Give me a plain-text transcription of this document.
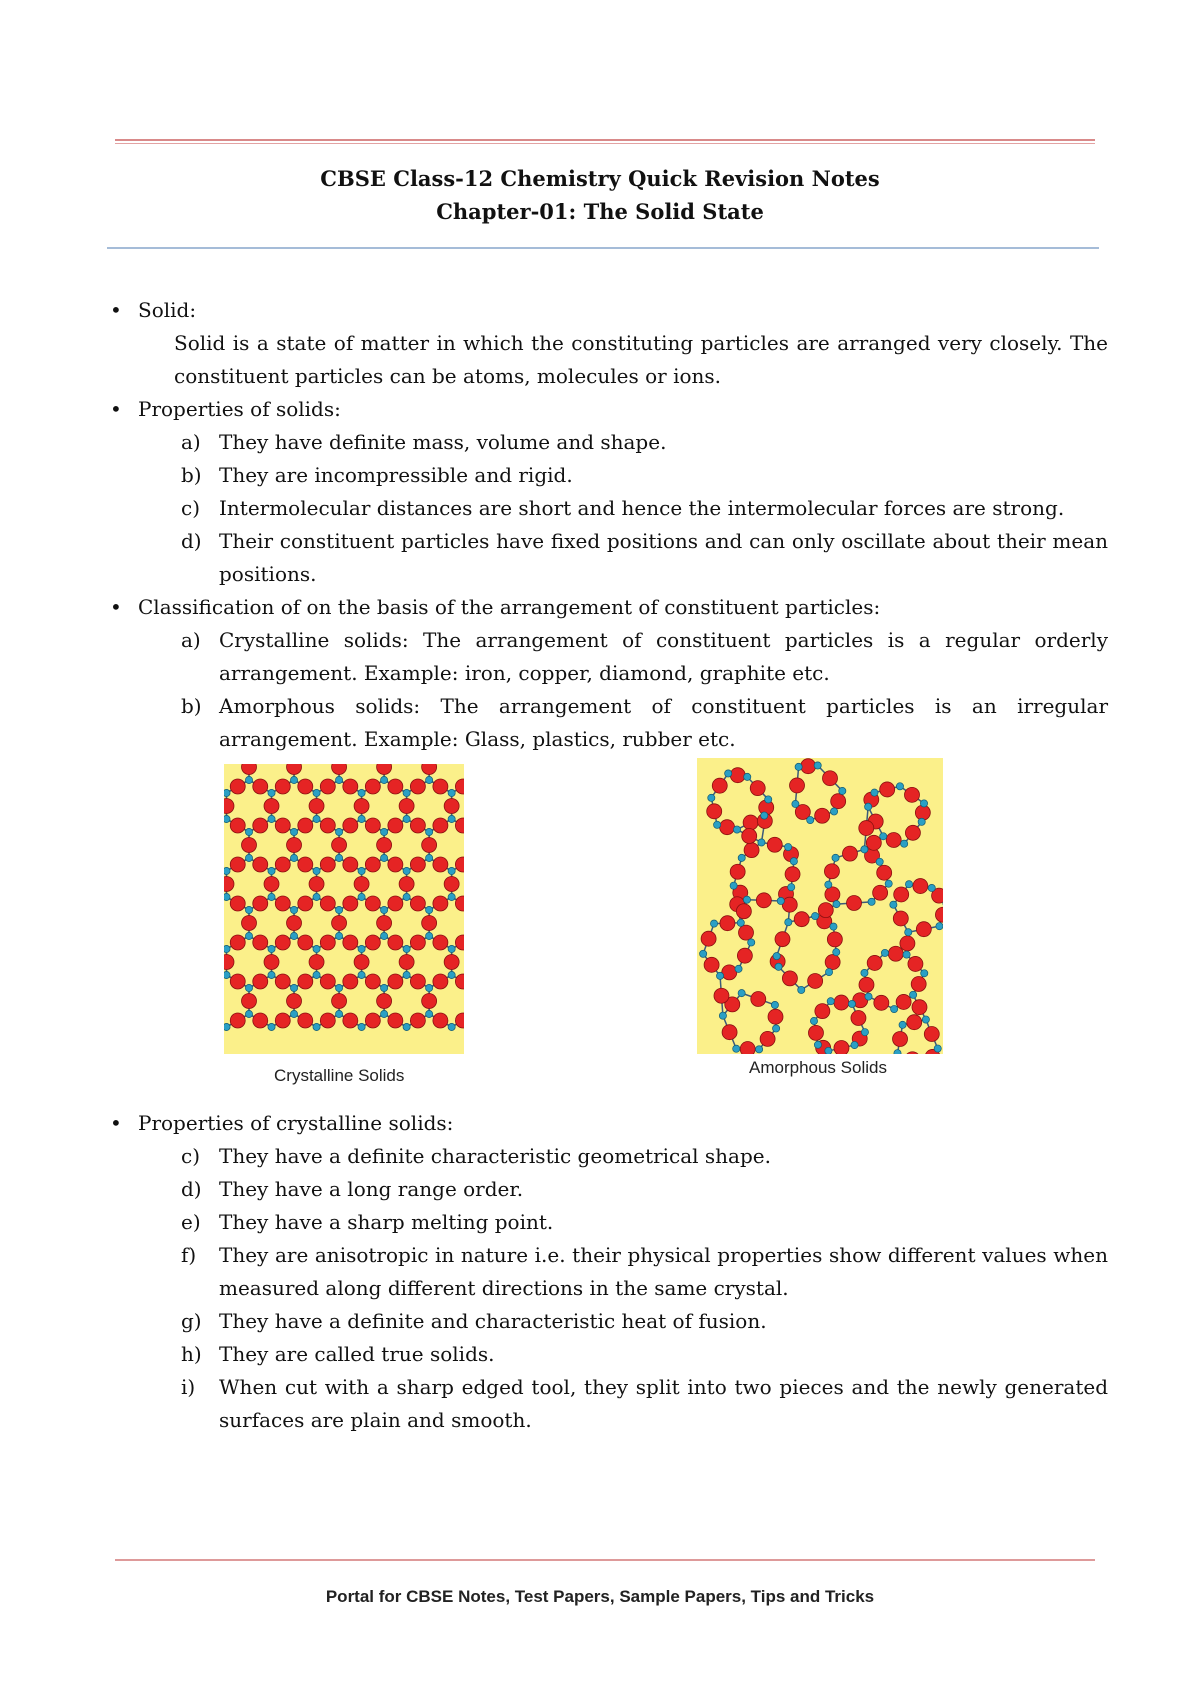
CBSE Class-12 Chemistry Quick Revision Notes
Chapter-01: The Solid State
• Solid:
Solid is a state of matter in which the constituting particles are arranged very closely. The constituent particles can be atoms, molecules or ions.
• Properties of solids:
a) They have definite mass, volume and shape.
b) They are incompressible and rigid.
c) Intermolecular distances are short and hence the intermolecular forces are strong.
d) Their constituent particles have fixed positions and can only oscillate about their mean positions.
• Classification of on the basis of the arrangement of constituent particles:
a) Crystalline solids: The arrangement of constituent particles is a regular orderly arrangement. Example: iron, copper, diamond, graphite etc.
b) Amorphous solids: The arrangement of constituent particles is an irregular arrangement. Example: Glass, plastics, rubber etc.
Crystalline Solids	Amorphous Solids
• Properties of crystalline solids:
c) They have a definite characteristic geometrical shape.
d) They have a long range order.
e) They have a sharp melting point.
f) They are anisotropic in nature i.e. their physical properties show different values when measured along different directions in the same crystal.
g) They have a definite and characteristic heat of fusion.
h) They are called true solids.
i) When cut with a sharp edged tool, they split into two pieces and the newly generated surfaces are plain and smooth.
Portal for CBSE Notes, Test Papers, Sample Papers, Tips and Tricks
